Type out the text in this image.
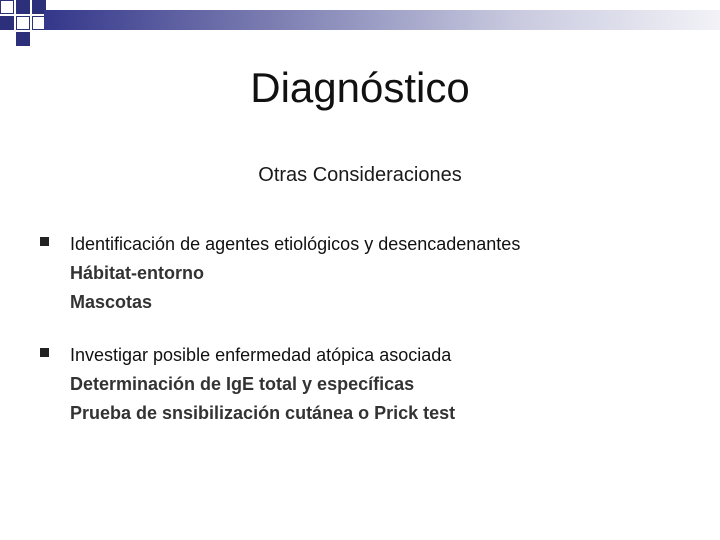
Diagnóstico
Otras Consideraciones
Identificación de agentes etiológicos y desencadenantes
Hábitat-entorno
Mascotas
Investigar posible enfermedad atópica asociada
Determinación de IgE total y específicas
Prueba de snsibilización cutánea o Prick test
